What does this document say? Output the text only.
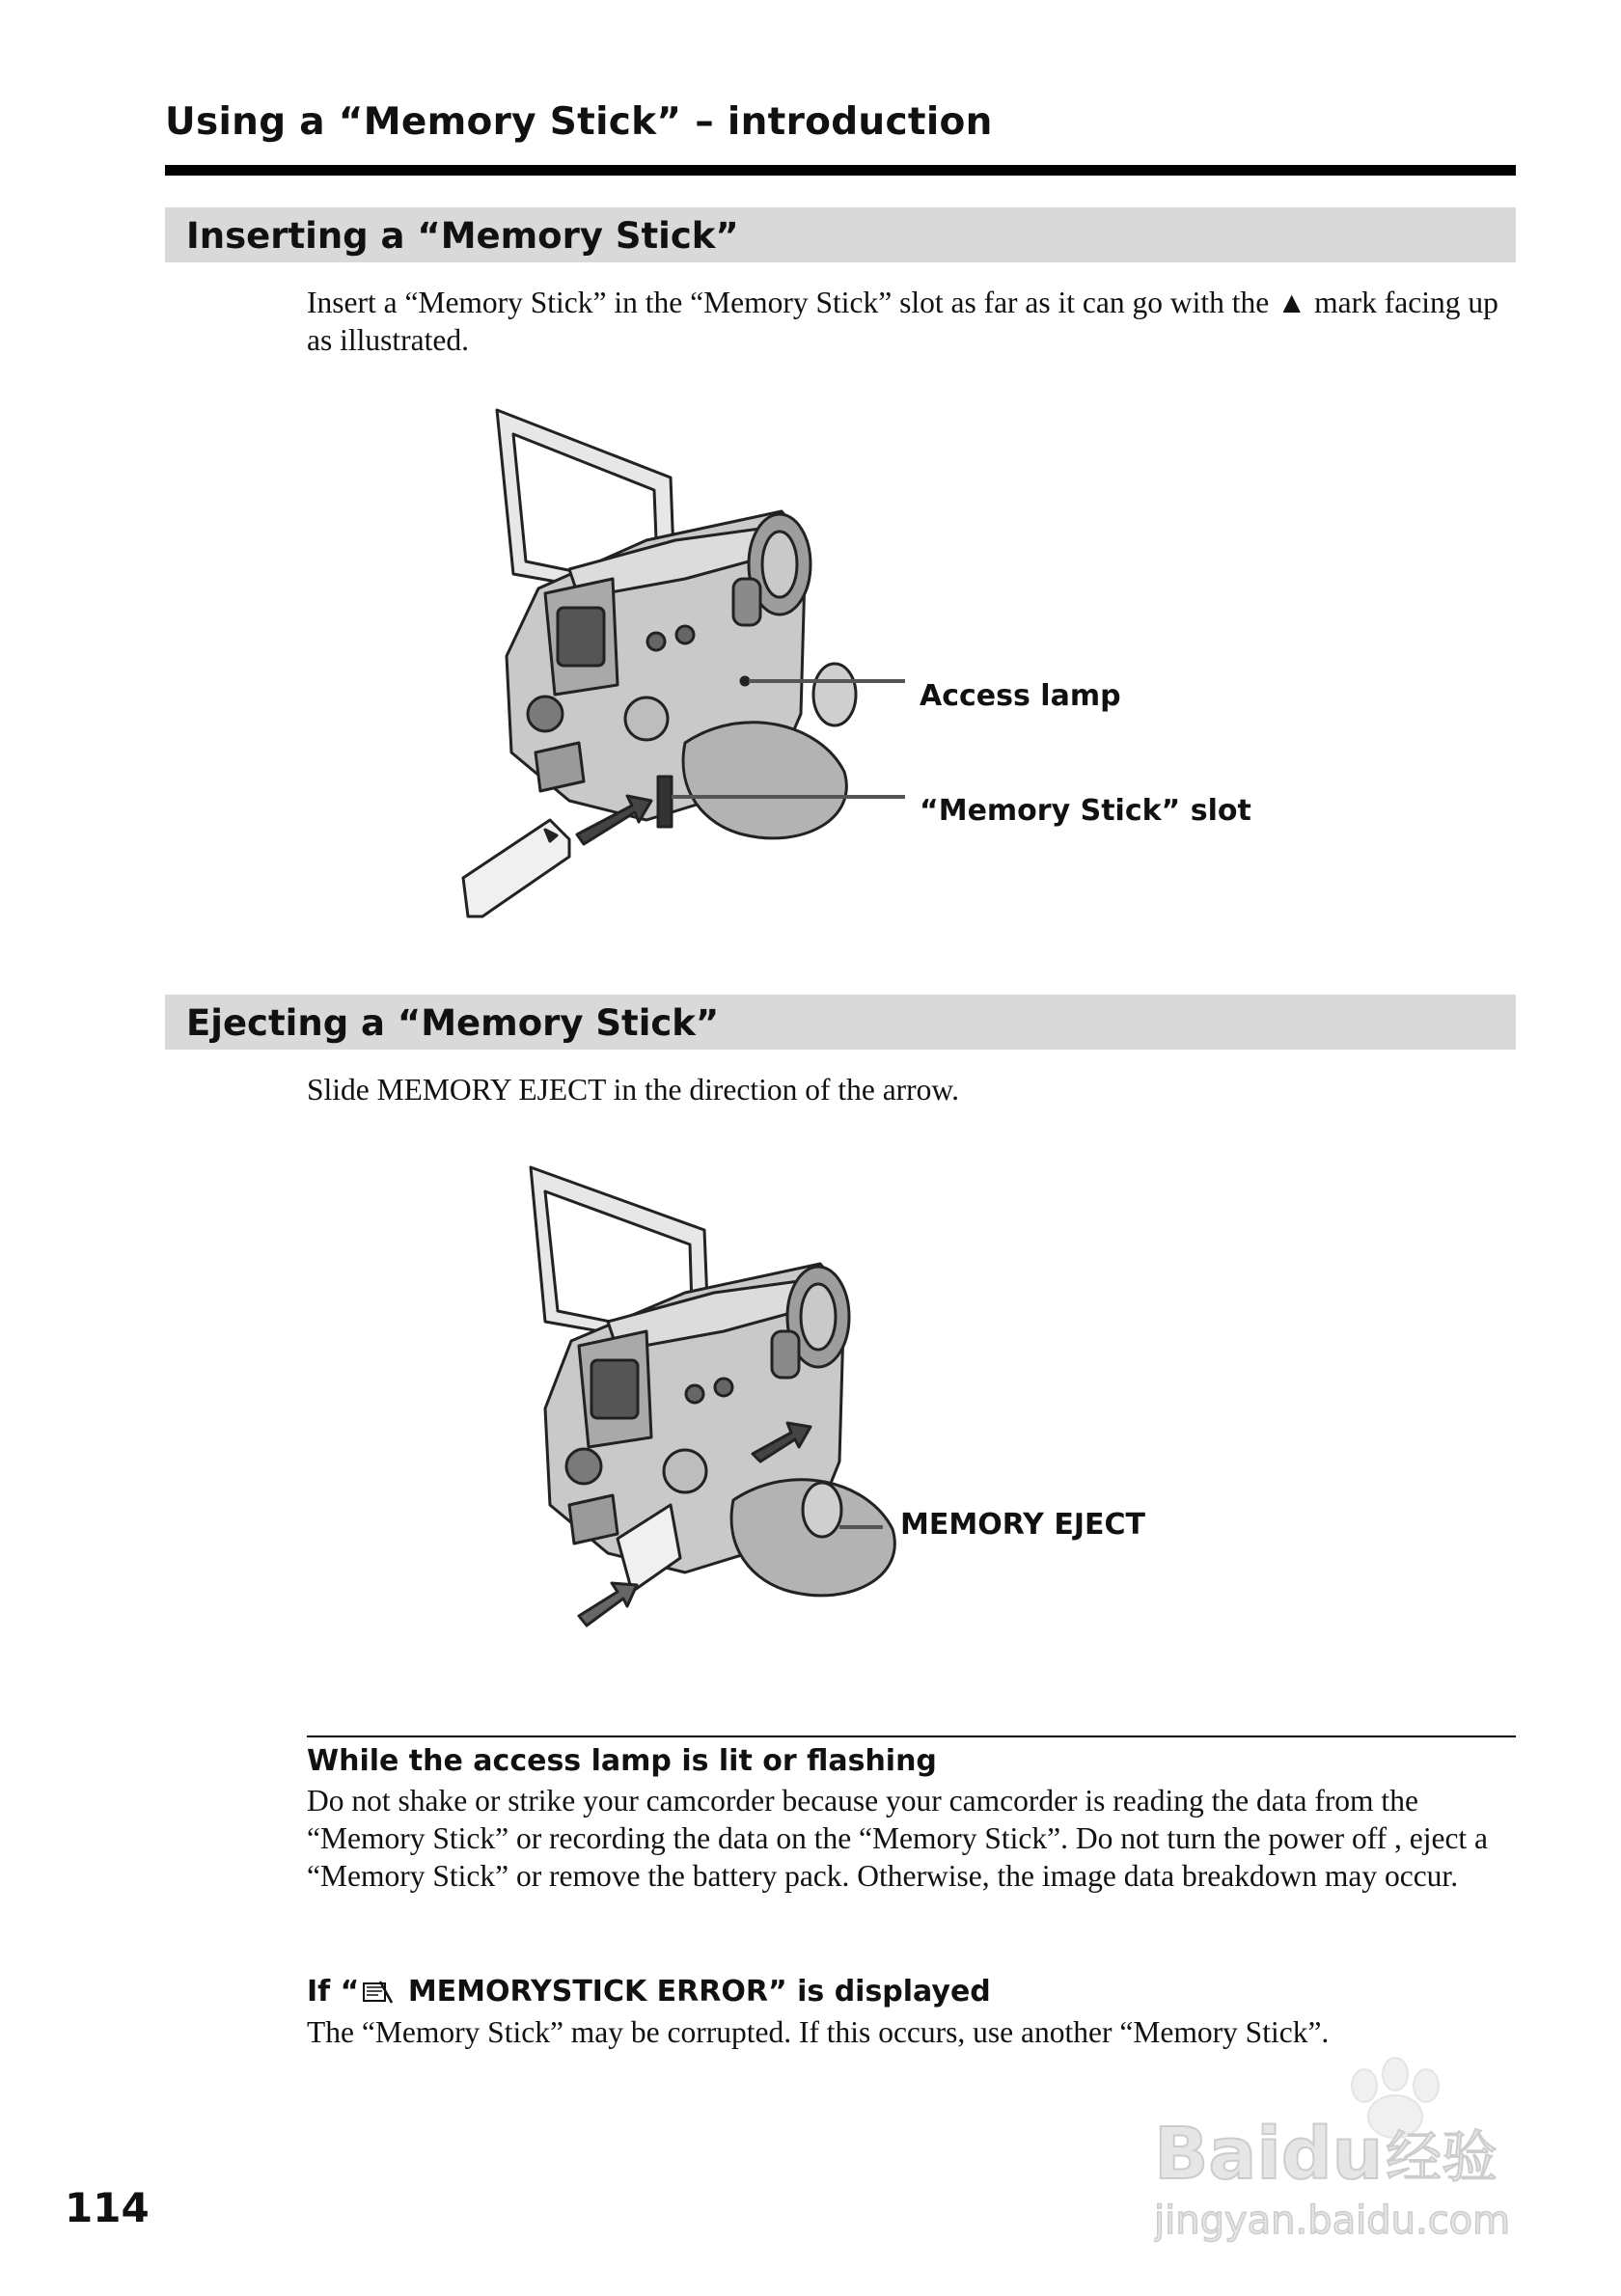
Using a “Memory Stick” – introduction
Inserting a “Memory Stick”
Insert a “Memory Stick” in the “Memory Stick” slot as far as it can go with the ▲ mark facing up as illustrated.
Access lamp
“Memory Stick” slot
Ejecting a “Memory Stick”
Slide MEMORY EJECT in the direction of the arrow.
MEMORY EJECT
While the access lamp is lit or flashing
Do not shake or strike your camcorder because your camcorder is reading the data from the “Memory Stick” or recording the data on the “Memory Stick”. Do not turn the power off , eject a “Memory Stick” or remove the battery pack. Otherwise, the image data breakdown may occur.
If “ MEMORYSTICK ERROR” is displayed
The “Memory Stick” may be corrupted. If this occurs, use another “Memory Stick”.
114
Baidu 经验
jingyan.baidu.com
